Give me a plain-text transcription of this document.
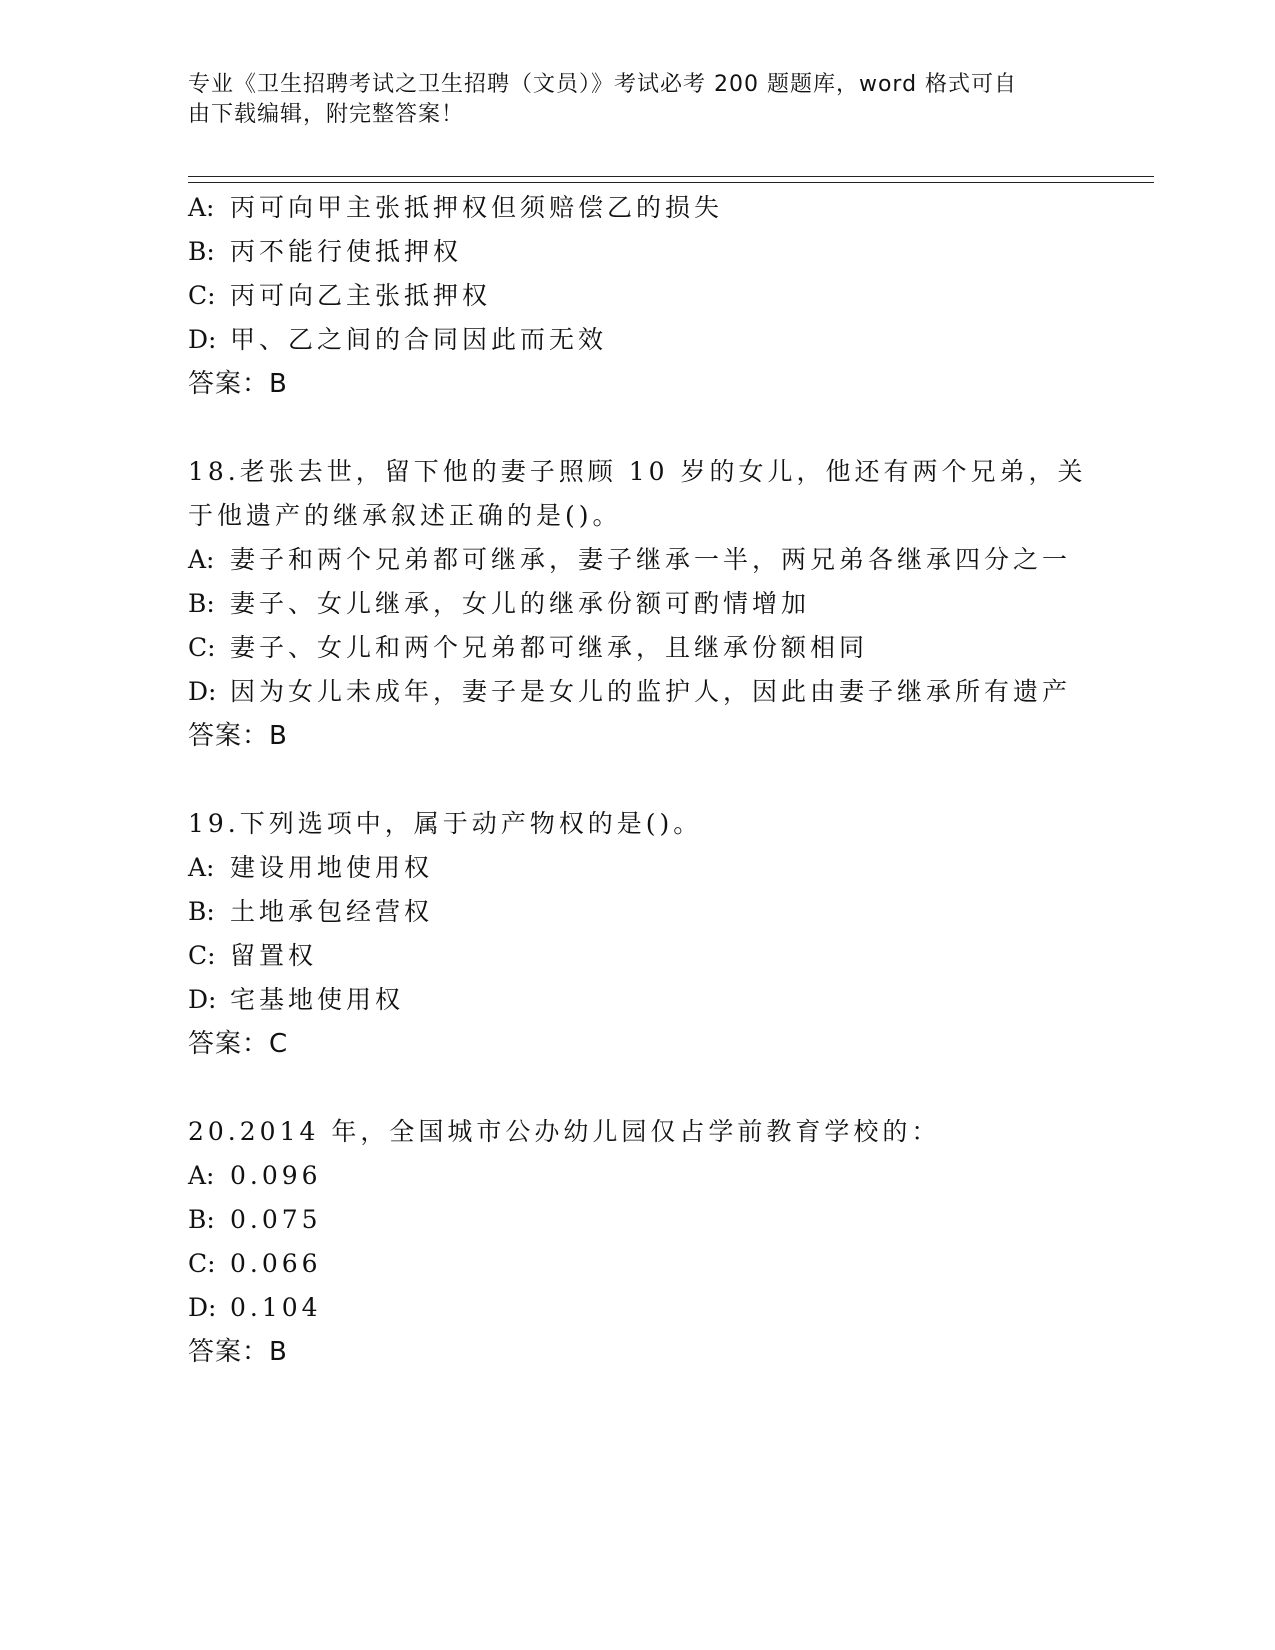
专业《卫生招聘考试之卫生招聘（文员）》考试必考 200 题题库，word 格式可自
由下载编辑，附完整答案！
A: 丙可向甲主张抵押权但须赔偿乙的损失
B: 丙不能行使抵押权
C: 丙可向乙主张抵押权
D: 甲、乙之间的合同因此而无效
答案：B
18.老张去世，留下他的妻子照顾 10 岁的女儿，他还有两个兄弟，关
于他遗产的继承叙述正确的是()。
A: 妻子和两个兄弟都可继承，妻子继承一半，两兄弟各继承四分之一
B: 妻子、女儿继承，女儿的继承份额可酌情增加
C: 妻子、女儿和两个兄弟都可继承，且继承份额相同
D: 因为女儿未成年，妻子是女儿的监护人，因此由妻子继承所有遗产
答案：B
19.下列选项中，属于动产物权的是()。
A: 建设用地使用权
B: 土地承包经营权
C: 留置权
D: 宅基地使用权
答案：C
20.2014 年，全国城市公办幼儿园仅占学前教育学校的：
A: 0.096
B: 0.075
C: 0.066
D: 0.104
答案：B
